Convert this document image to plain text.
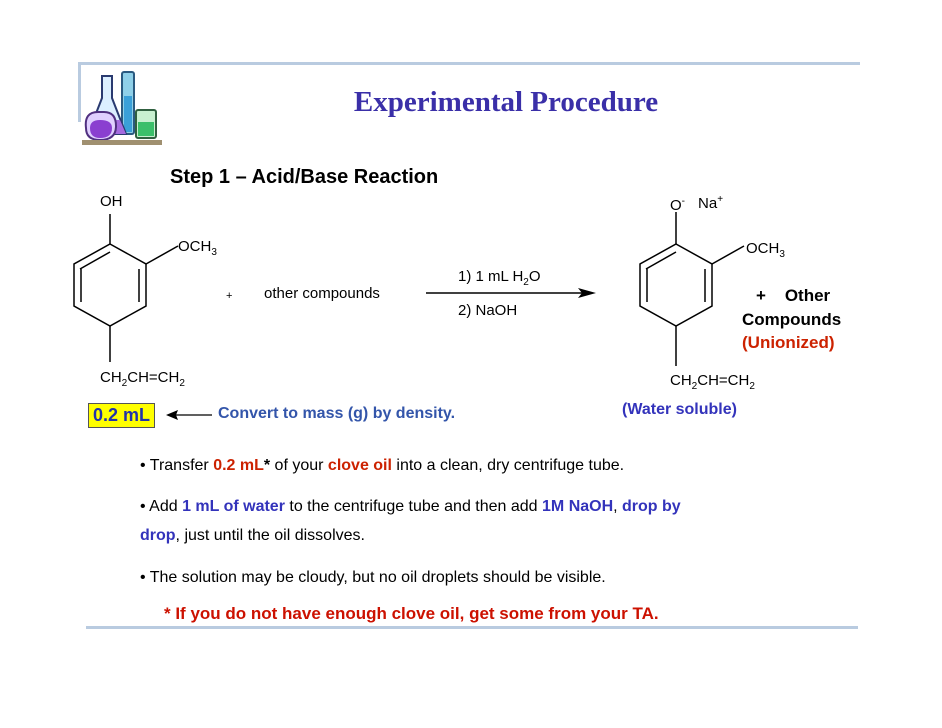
Experimental Procedure
Step 1 – Acid/Base Reaction
OH
$OCH_3$
$CH_2CH=CH_2$
+ other compounds
1) 1 mL $H_2O$
2) NaOH
O- Na+
$OCH_3$
$CH_2CH=CH_2$
+    Other
Compounds
(Unionized)
(Water soluble)
0.2 mL	Convert to mass (g) by density.
• Transfer 0.2 mL* of your clove oil into a clean, dry centrifuge tube.
• Add 1 mL of water to the centrifuge tube and then add 1M NaOH, drop by
drop, just until the oil dissolves.
• The solution may be cloudy, but no oil droplets should be visible.
* If you do not have enough clove oil, get some from your TA.
